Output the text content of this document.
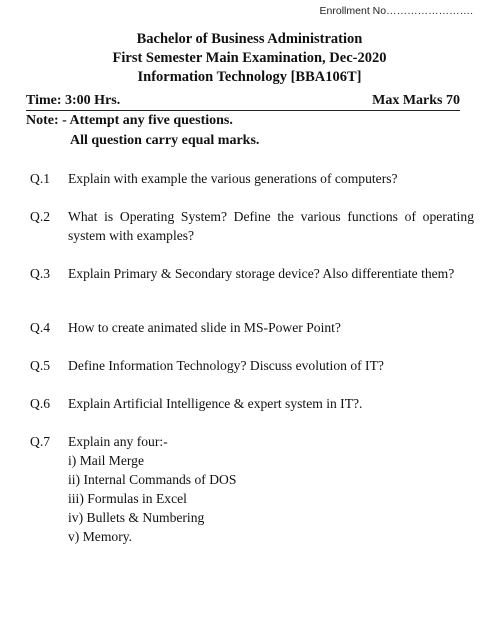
Enrollment No…………………….
Bachelor of Business Administration
First Semester Main Examination, Dec-2020
Information Technology [BBA106T]
Time: 3:00 Hrs.	Max Marks 70
Note: - Attempt any five questions.
All question carry equal marks.
Q.1	Explain with example the various generations of computers?
Q.2	What is Operating System? Define the various functions of operating system with examples?
Q.3	Explain Primary & Secondary storage device? Also differentiate them?
Q.4	How to create animated slide in MS-Power Point?
Q.5	Define Information Technology? Discuss evolution of IT?
Q.6	Explain Artificial Intelligence & expert system in IT?.
Q.7	Explain any four:-
i) Mail Merge
ii) Internal Commands of DOS
iii) Formulas in Excel
iv) Bullets & Numbering
v) Memory.
